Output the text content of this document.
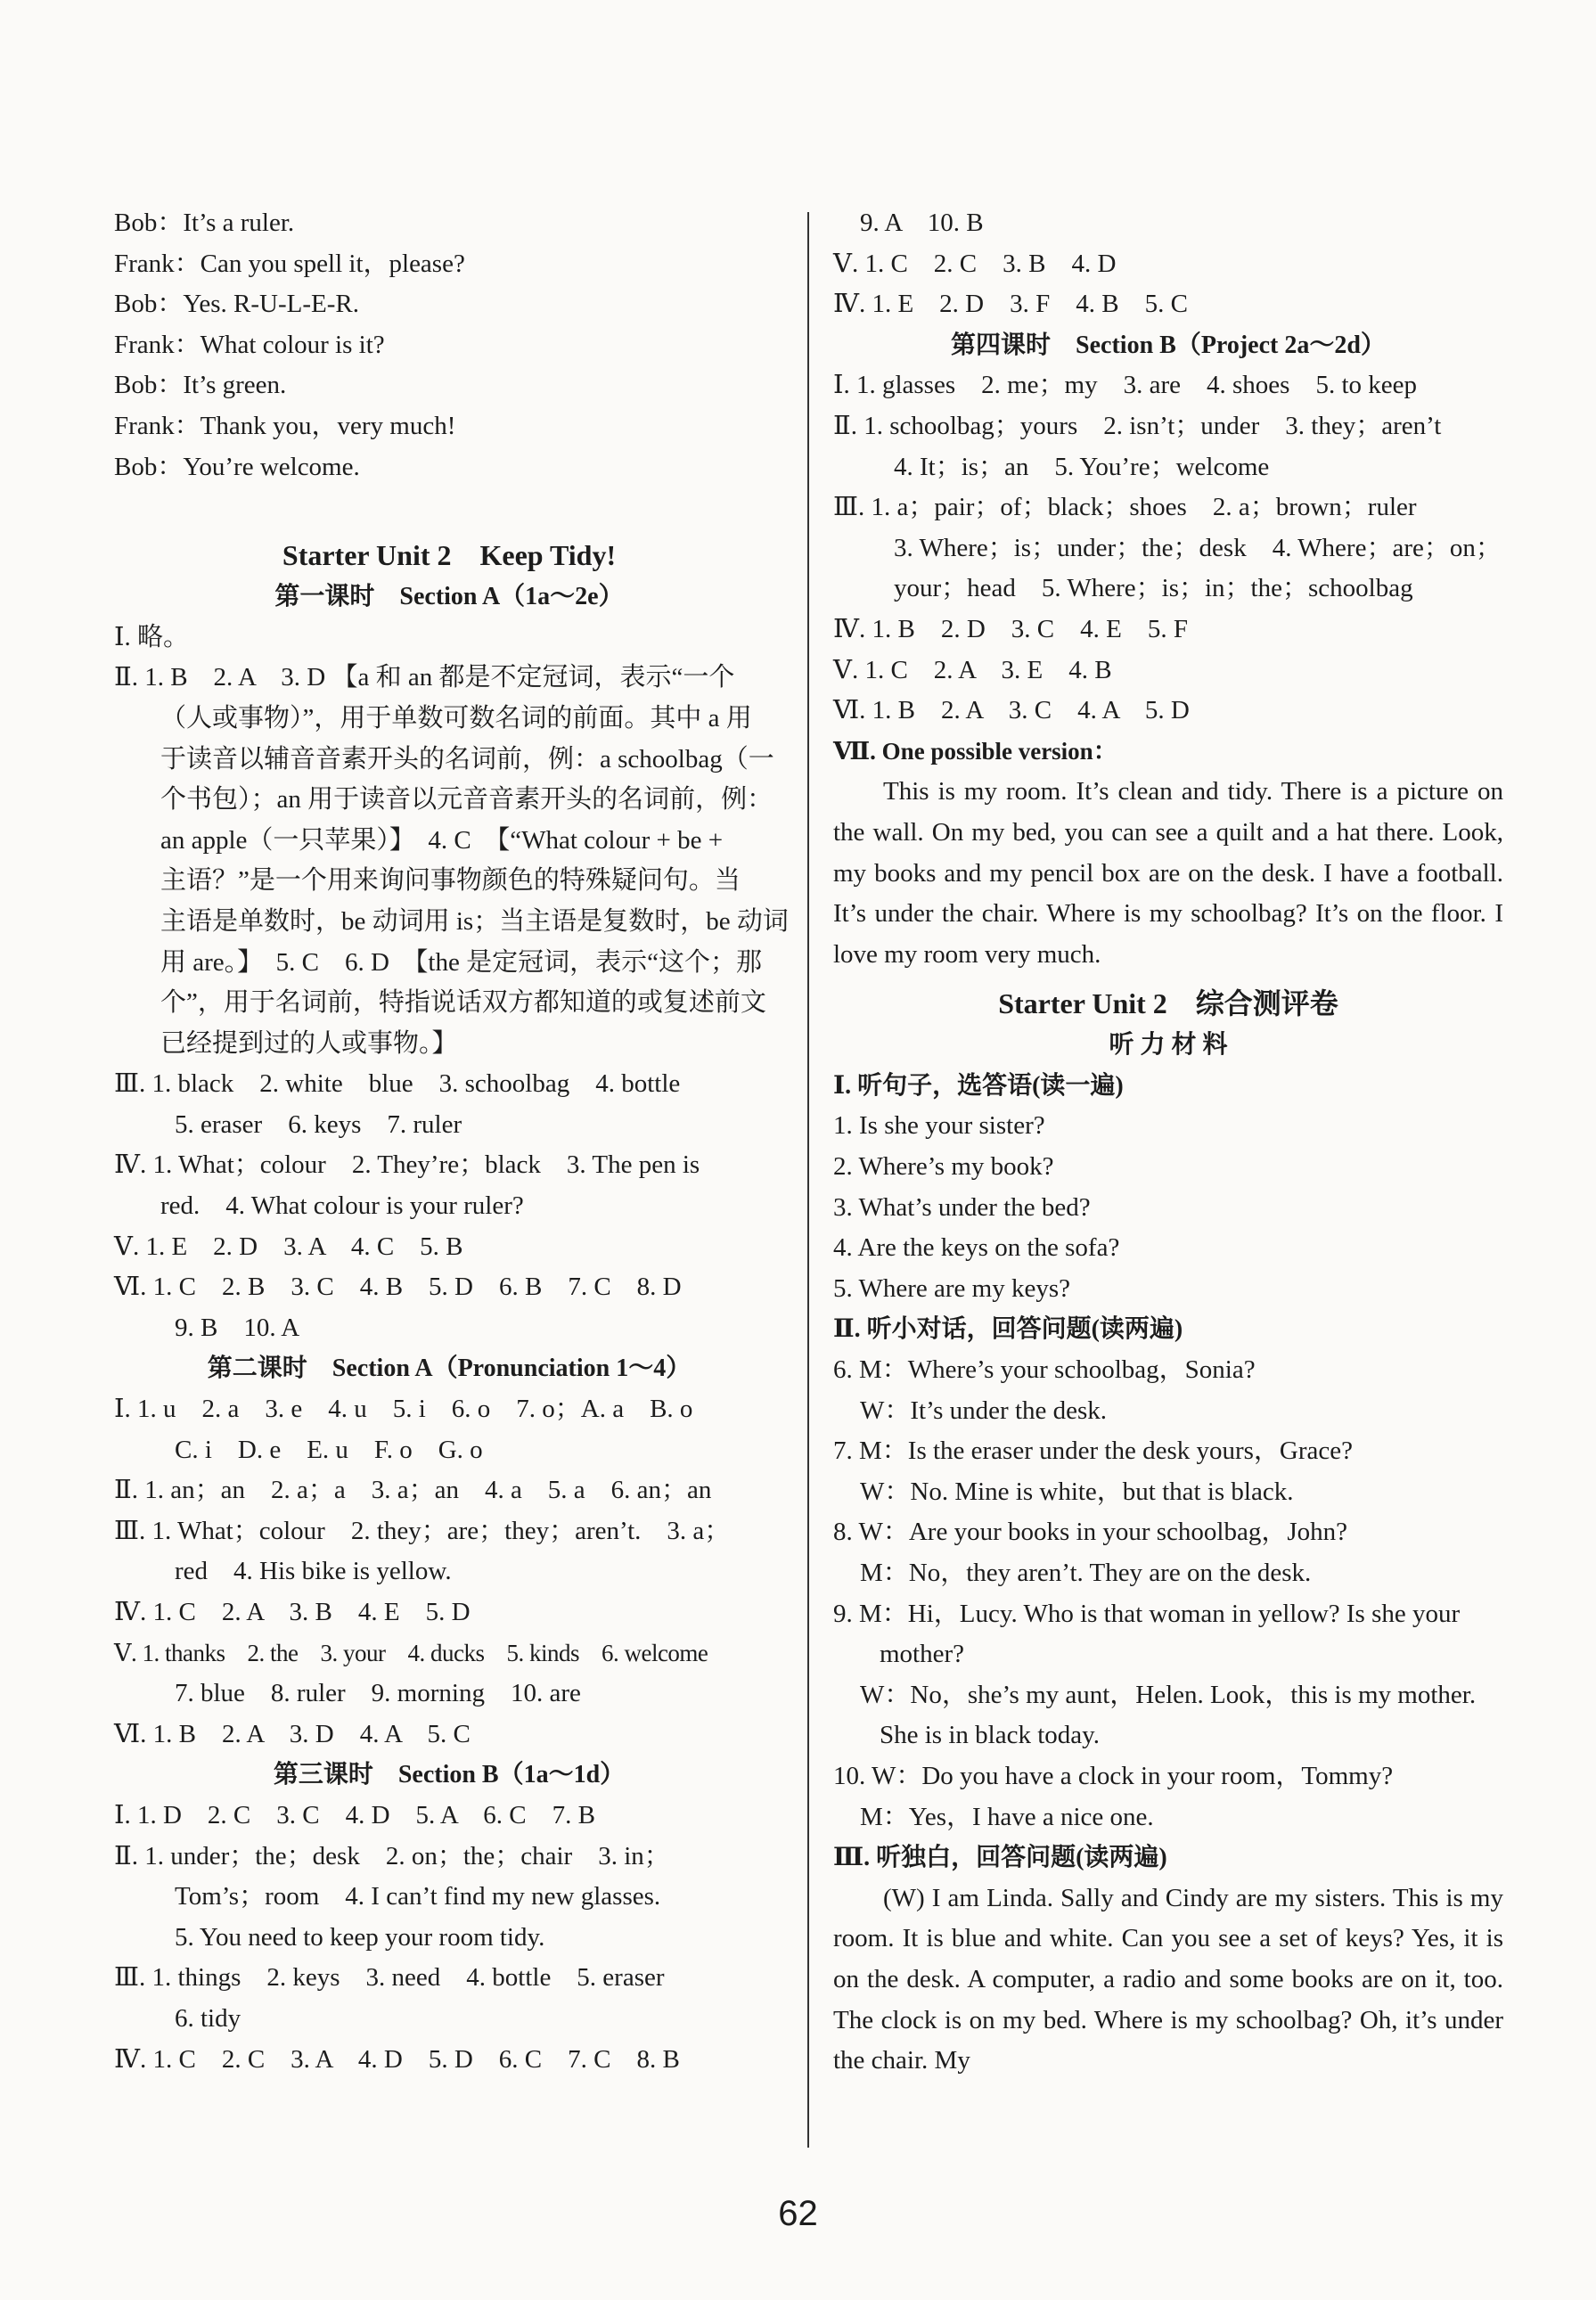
Bob：It’s a ruler.
Frank：Can you spell it，please?
Bob：Yes. R-U-L-E-R.
Frank：What colour is it?
Bob：It’s green.
Frank：Thank you，very much!
Bob：You’re welcome.
Starter Unit 2    Keep Tidy!
第一课时    Section A（1a～2e）
Ⅰ. 略。
Ⅱ. 1. B    2. A    3. D 【a 和 an 都是不定冠词，表示“一个
（人或事物）”，用于单数可数名词的前面。其中 a 用
于读音以辅音音素开头的名词前，例：a schoolbag（一
个书包）；an 用于读音以元音音素开头的名词前，例：
an apple（一只苹果）】  4. C  【“What colour + be +
主语？”是一个用来询问事物颜色的特殊疑问句。当
主语是单数时，be 动词用 is；当主语是复数时，be 动词
用 are。】  5. C    6. D  【the 是定冠词，表示“这个；那
个”，用于名词前，特指说话双方都知道的或复述前文
已经提到过的人或事物。】
Ⅲ. 1. black    2. white    blue    3. schoolbag    4. bottle
5. eraser    6. keys    7. ruler
Ⅳ. 1. What；colour    2. They’re；black    3. The pen is
red.    4. What colour is your ruler?
Ⅴ. 1. E    2. D    3. A    4. C    5. B
Ⅵ. 1. C    2. B    3. C    4. B    5. D    6. B    7. C    8. D
9. B    10. A
第二课时    Section A（Pronunciation 1～4）
Ⅰ. 1. u    2. a    3. e    4. u    5. i    6. o    7. o；A. a    B. o
C. i    D. e    E. u    F. o    G. o
Ⅱ. 1. an；an    2. a；a    3. a；an    4. a    5. a    6. an；an
Ⅲ. 1. What；colour    2. they；are；they；aren’t.    3. a；
red    4. His bike is yellow.
Ⅳ. 1. C    2. A    3. B    4. E    5. D
Ⅴ. 1. thanks    2. the    3. your    4. ducks    5. kinds    6. welcome
7. blue    8. ruler    9. morning    10. are
Ⅵ. 1. B    2. A    3. D    4. A    5. C
第三课时    Section B（1a～1d）
Ⅰ. 1. D    2. C    3. C    4. D    5. A    6. C    7. B
Ⅱ. 1. under；the；desk    2. on；the；chair    3. in；
Tom’s；room    4. I can’t find my new glasses.
5. You need to keep your room tidy.
Ⅲ. 1. things    2. keys    3. need    4. bottle    5. eraser
6. tidy
Ⅳ. 1. C    2. C    3. A    4. D    5. D    6. C    7. C    8. B
9. A    10. B
Ⅴ. 1. C    2. C    3. B    4. D
Ⅳ. 1. E    2. D    3. F    4. B    5. C
第四课时    Section B（Project 2a～2d）
Ⅰ. 1. glasses    2. me；my    3. are    4. shoes    5. to keep
Ⅱ. 1. schoolbag；yours    2. isn’t；under    3. they；aren’t
4. It；is；an    5. You’re；welcome
Ⅲ. 1. a；pair；of；black；shoes    2. a；brown；ruler
3. Where；is；under；the；desk    4. Where；are；on；
your；head    5. Where；is；in；the；schoolbag
Ⅳ. 1. B    2. D    3. C    4. E    5. F
Ⅴ. 1. C    2. A    3. E    4. B
Ⅵ. 1. B    2. A    3. C    4. A    5. D
Ⅶ. One possible version：
This is my room. It’s clean and tidy. There is a picture on the wall. On my bed, you can see a quilt and a hat there. Look, my books and my pencil box are on the desk. I have a football. It’s under the chair. Where is my schoolbag? It’s on the floor. I love my room very much.
Starter Unit 2    综合测评卷
听 力 材 料
Ⅰ. 听句子，选答语(读一遍)
1. Is she your sister?
2. Where’s my book?
3. What’s under the bed?
4. Are the keys on the sofa?
5. Where are my keys?
Ⅱ. 听小对话，回答问题(读两遍)
6. M：Where’s your schoolbag，Sonia?
W：It’s under the desk.
7. M：Is the eraser under the desk yours，Grace?
W：No. Mine is white，but that is black.
8. W：Are your books in your schoolbag，John?
M：No，they aren’t. They are on the desk.
9. M：Hi，Lucy. Who is that woman in yellow? Is she your
mother?
W：No，she’s my aunt，Helen. Look，this is my mother.
She is in black today.
10. W：Do you have a clock in your room，Tommy?
M：Yes，I have a nice one.
Ⅲ. 听独白，回答问题(读两遍)
(W) I am Linda. Sally and Cindy are my sisters. This is my room. It is blue and white. Can you see a set of keys? Yes, it is on the desk. A computer, a radio and some books are on it, too. The clock is on my bed. Where is my schoolbag? Oh, it’s under the chair. My
62
